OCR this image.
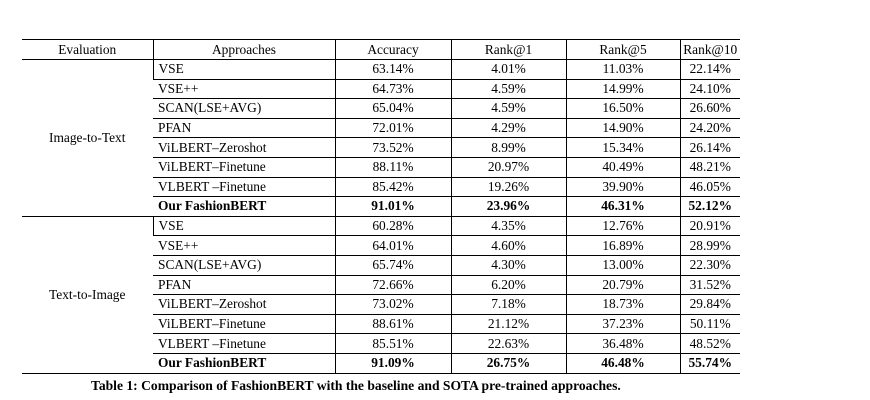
Evaluation	Approaches	Accuracy	Rank@1	Rank@5	Rank@10
Image-to-Text	VSE	63.14%	4.01%	11.03%	22.14%
	VSE++	64.73%	4.59%	14.99%	24.10%
	SCAN(LSE+AVG)	65.04%	4.59%	16.50%	26.60%
	PFAN	72.01%	4.29%	14.90%	24.20%
	ViLBERT–Zeroshot	73.52%	8.99%	15.34%	26.14%
	ViLBERT–Finetune	88.11%	20.97%	40.49%	48.21%
	VLBERT –Finetune	85.42%	19.26%	39.90%	46.05%
	Our FashionBERT	91.01%	23.96%	46.31%	52.12%
Text-to-Image	VSE	60.28%	4.35%	12.76%	20.91%
	VSE++	64.01%	4.60%	16.89%	28.99%
	SCAN(LSE+AVG)	65.74%	4.30%	13.00%	22.30%
	PFAN	72.66%	6.20%	20.79%	31.52%
	ViLBERT–Zeroshot	73.02%	7.18%	18.73%	29.84%
	ViLBERT–Finetune	88.61%	21.12%	37.23%	50.11%
	VLBERT –Finetune	85.51%	22.63%	36.48%	48.52%
	Our FashionBERT	91.09%	26.75%	46.48%	55.74%
Table 1: Comparison of FashionBERT with the baseline and SOTA pre-trained approaches.
